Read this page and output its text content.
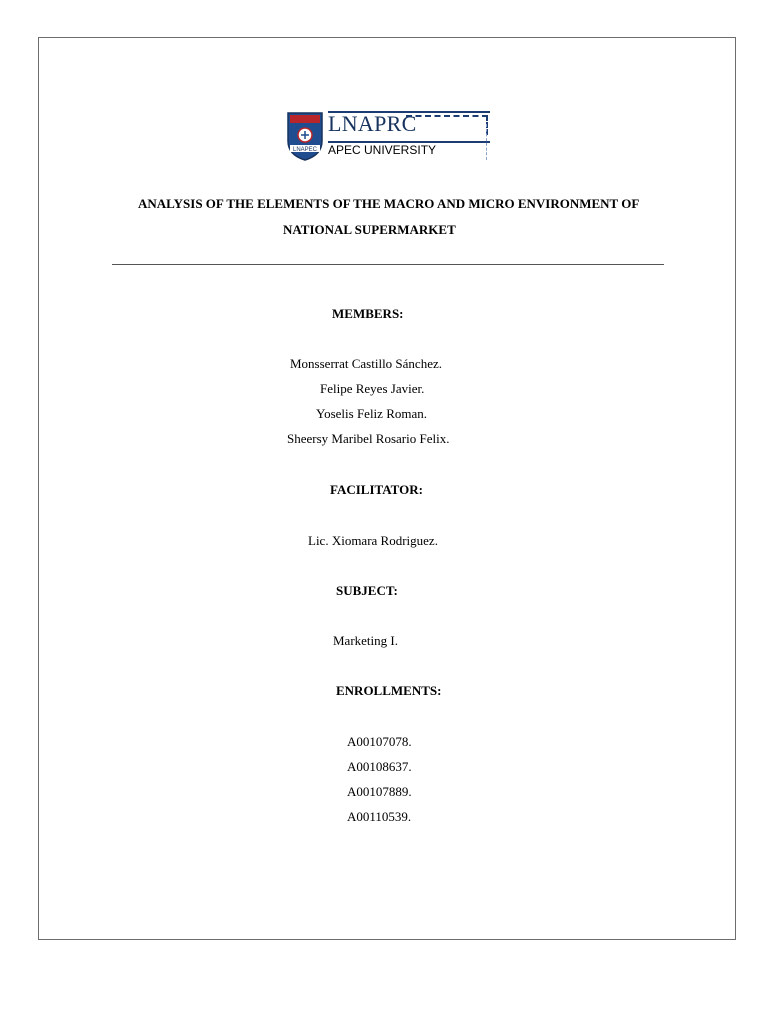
LNAPEC
LNAPRC
APEC UNIVERSITY
ANALYSIS OF THE ELEMENTS OF THE MACRO AND MICRO ENVIRONMENT OF
NATIONAL SUPERMARKET
MEMBERS:
Monsserrat Castillo Sánchez.
Felipe Reyes Javier.
Yoselis Feliz Roman.
Sheersy Maribel Rosario Felix.
FACILITATOR:
Lic. Xiomara Rodriguez.
SUBJECT:
Marketing I.
ENROLLMENTS:
A00107078.
A00108637.
A00107889.
A00110539.
